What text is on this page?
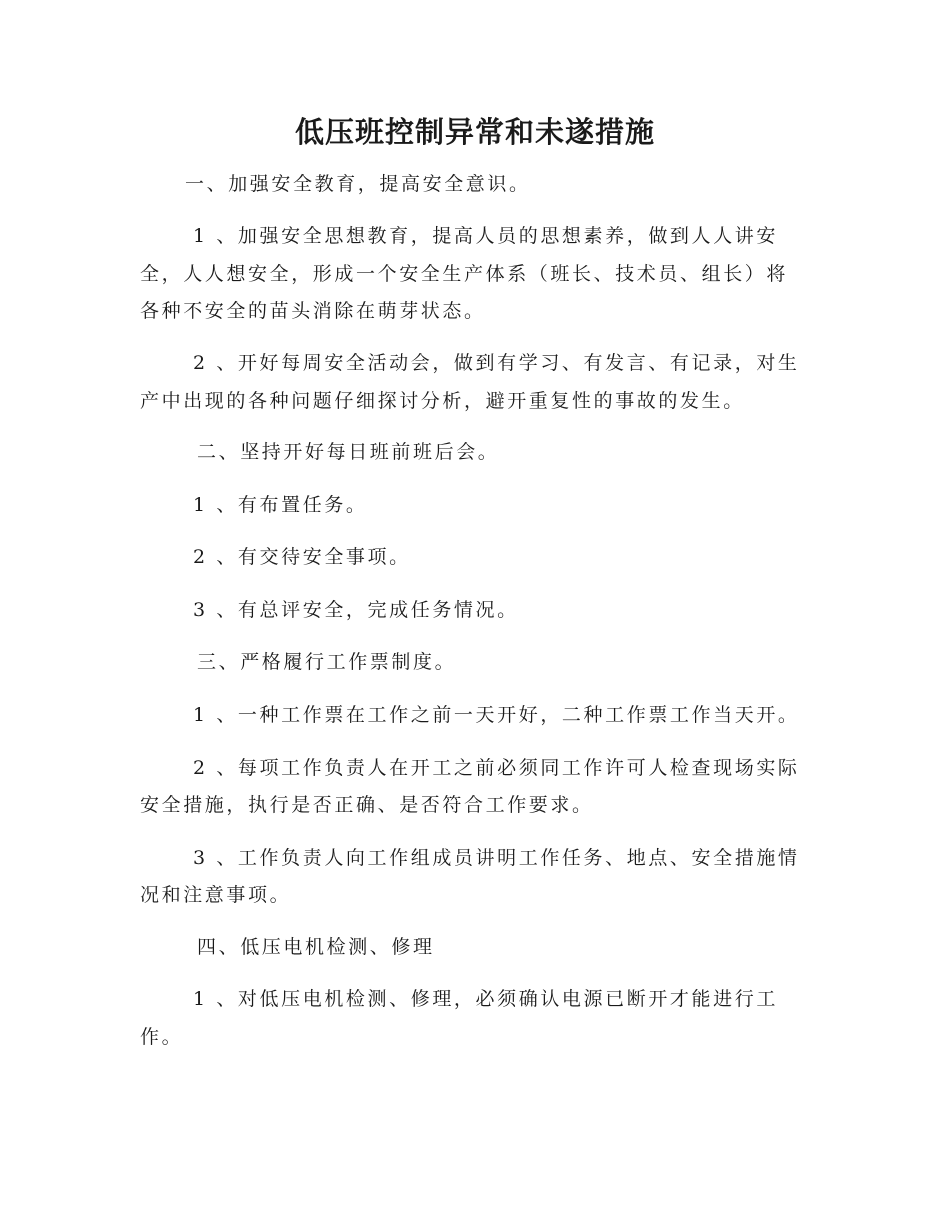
低压班控制异常和未遂措施
一、加强安全教育，提高安全意识。
1 、加强安全思想教育，提高人员的思想素养，做到人人讲安
全，人人想安全，形成一个安全生产体系（班长、技术员、组长）将
各种不安全的苗头消除在萌芽状态。
2 、开好每周安全活动会，做到有学习、有发言、有记录，对生
产中出现的各种问题仔细探讨分析，避开重复性的事故的发生。
二、坚持开好每日班前班后会。
1 、有布置任务。
2 、有交待安全事项。
3 、有总评安全，完成任务情况。
三、严格履行工作票制度。
1 、一种工作票在工作之前一天开好，二种工作票工作当天开。
2 、每项工作负责人在开工之前必须同工作许可人检查现场实际
安全措施，执行是否正确、是否符合工作要求。
3 、工作负责人向工作组成员讲明工作任务、地点、安全措施情
况和注意事项。
四、低压电机检测、修理
1 、对低压电机检测、修理，必须确认电源已断开才能进行工
作。
